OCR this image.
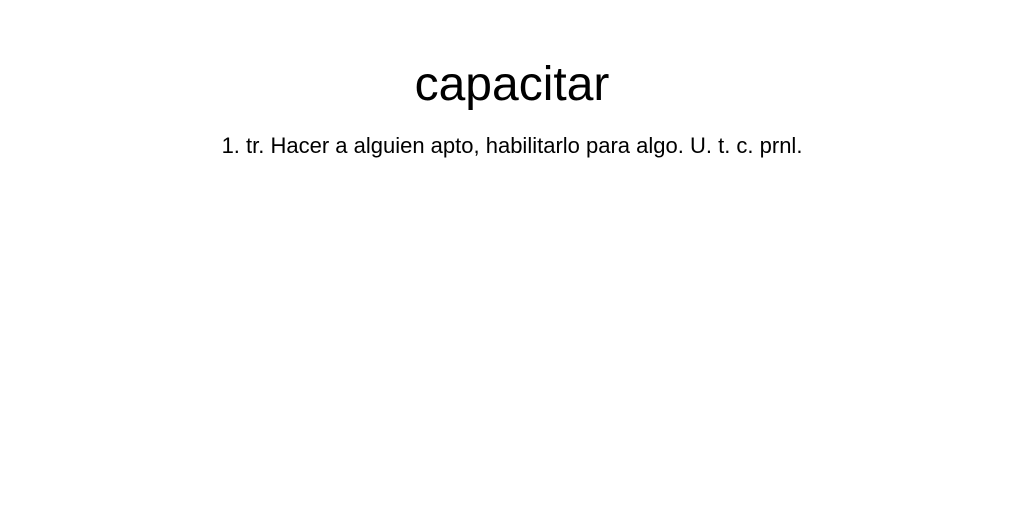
capacitar

1. tr. Hacer a alguien apto, habilitarlo para algo. U. t. c. prnl.
